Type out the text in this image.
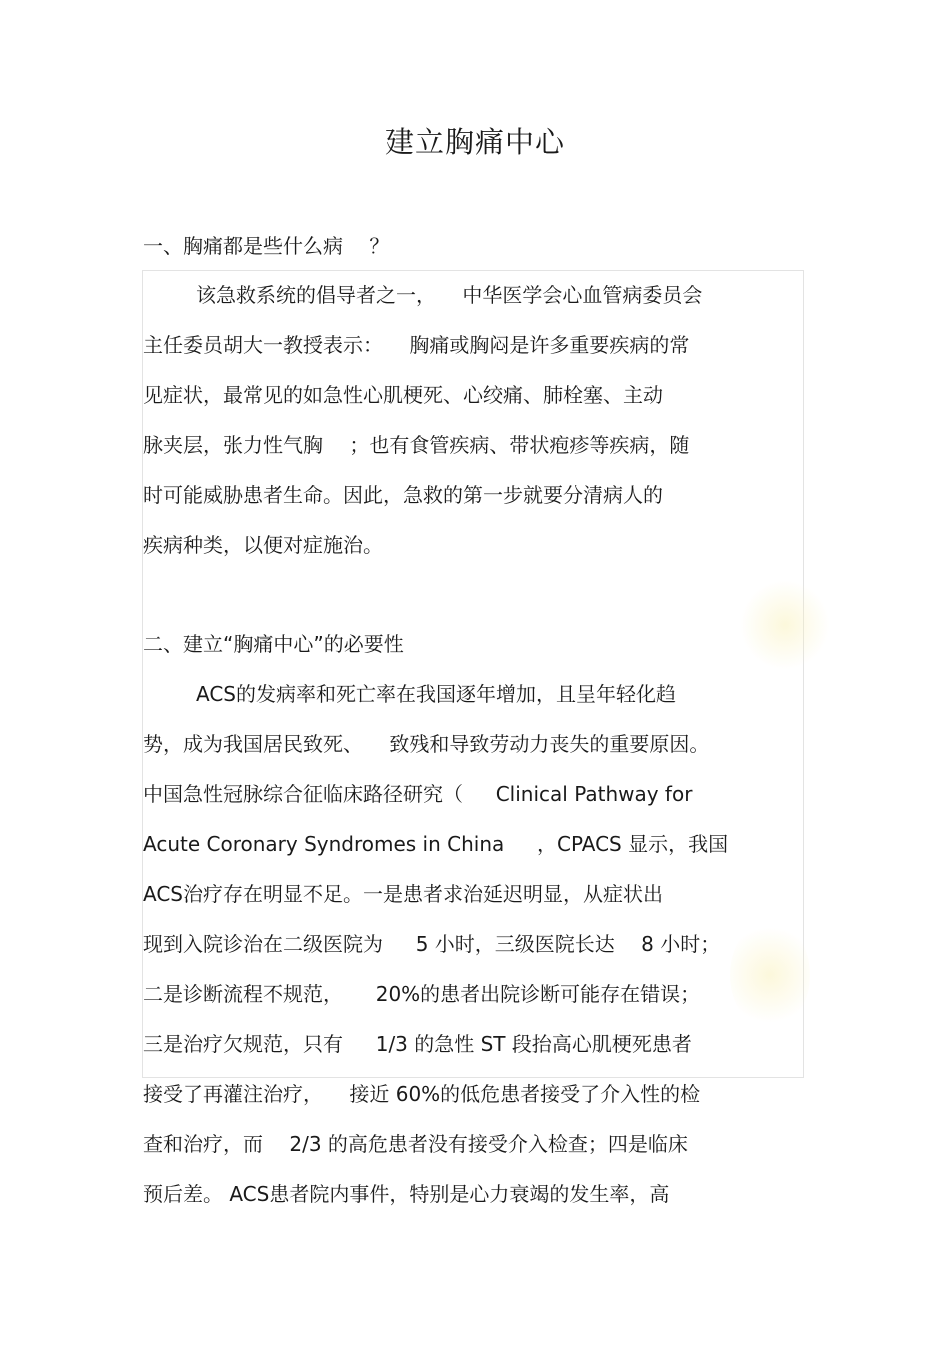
建立胸痛中心
一、胸痛都是些什么病 　？
该急救系统的倡导者之一， 　中华医学会心血管病委员会
主任委员胡大一教授表示： 　胸痛或胸闷是许多重要疾病的常
见症状，最常见的如急性心肌梗死、心绞痛、肺栓塞、主动
脉夹层，张力性气胸 　；也有食管疾病、带状疱疹等疾病，随
时可能威胁患者生命。因此，急救的第一步就要分清病人的
疾病种类，以便对症施治。
二、建立“胸痛中心”的必要性
ACS的发病率和死亡率在我国逐年增加，且呈年轻化趋
势，成为我国居民致死、 　致残和导致劳动力丧失的重要原因。
中国急性冠脉综合征临床路径研究（ 　 Clinical Pathway for
Acute Coronary Syndromes in China 　 ，CPACS 显示，我国
ACS治疗存在明显不足。一是患者求治延迟明显，从症状出
现到入院诊治在二级医院为 　 5 小时，三级医院长达 　8 小时；
二是诊断流程不规范， 　 20%的患者出院诊断可能存在错误；
三是治疗欠规范，只有 　 1/3 的急性 ST 段抬高心肌梗死患者
接受了再灌注治疗， 　接近 60%的低危患者接受了介入性的检
查和治疗，而 　2/3 的高危患者没有接受介入检查；四是临床
预后差。 ACS患者院内事件，特别是心力衰竭的发生率，高
